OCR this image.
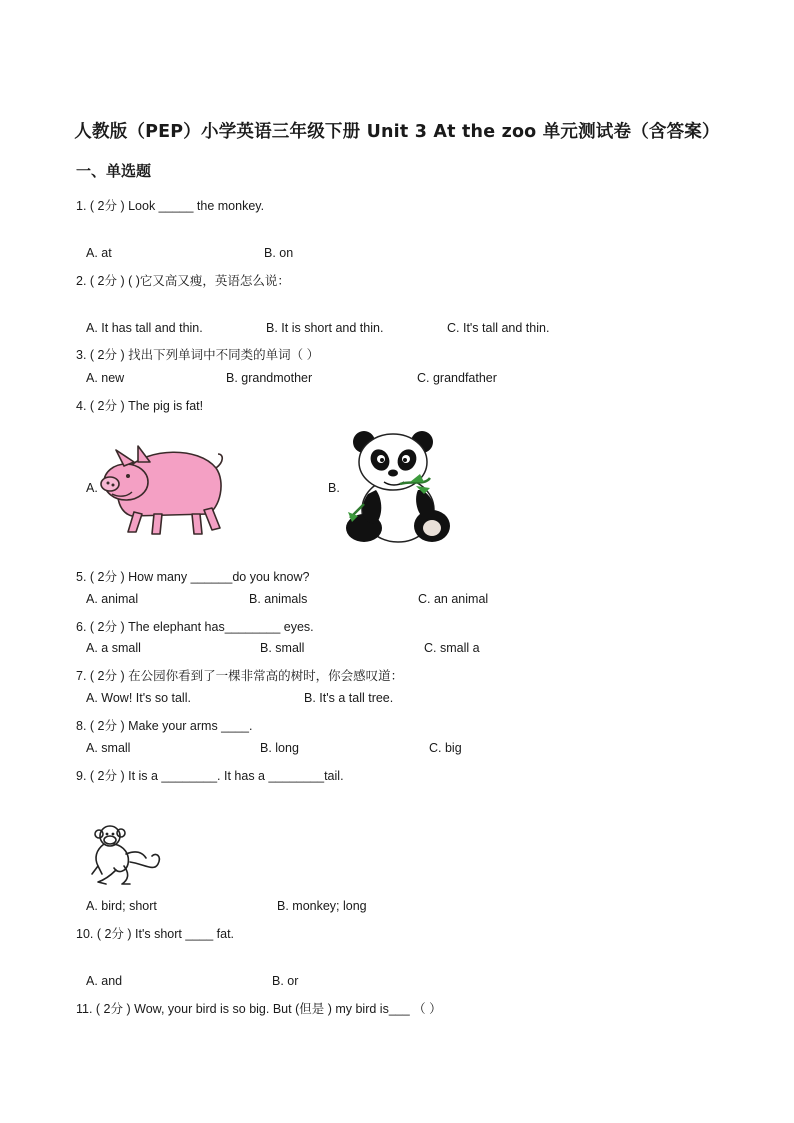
人教版（PEP）小学英语三年级下册 Unit 3 At the zoo 单元测试卷（含答案）
一、单选题
1. ( 2分 ) Look _____ the monkey.
A. at	B. on
2. ( 2分 ) ( )它又高又瘦，英语怎么说：
A. It has tall and thin.	B. It is short and thin.	C. It's tall and thin.
3. ( 2分 ) 找出下列单词中不同类的单词（ ）
A. new	B. grandmother	C. grandfather
4. ( 2分 ) The pig is fat!
A.	B.
5. ( 2分 ) How many ______do you know?
A. animal	B. animals	C. an animal
6. ( 2分 ) The elephant has________ eyes.
A. a small	B. small	C. small a
7. ( 2分 ) 在公园你看到了一棵非常高的树时，你会感叹道：
A. Wow! It's so tall.	B. It's a tall tree.
8. ( 2分 ) Make your arms ____.
A. small	B. long	C. big
9. ( 2分 ) It is a ________. It has a ________tail.
A. bird; short	B. monkey; long
10. ( 2分 ) It's short ____ fat.
A. and	B. or
11. ( 2分 ) Wow, your bird is so big. But (但是 ) my bird is___ （ ）
